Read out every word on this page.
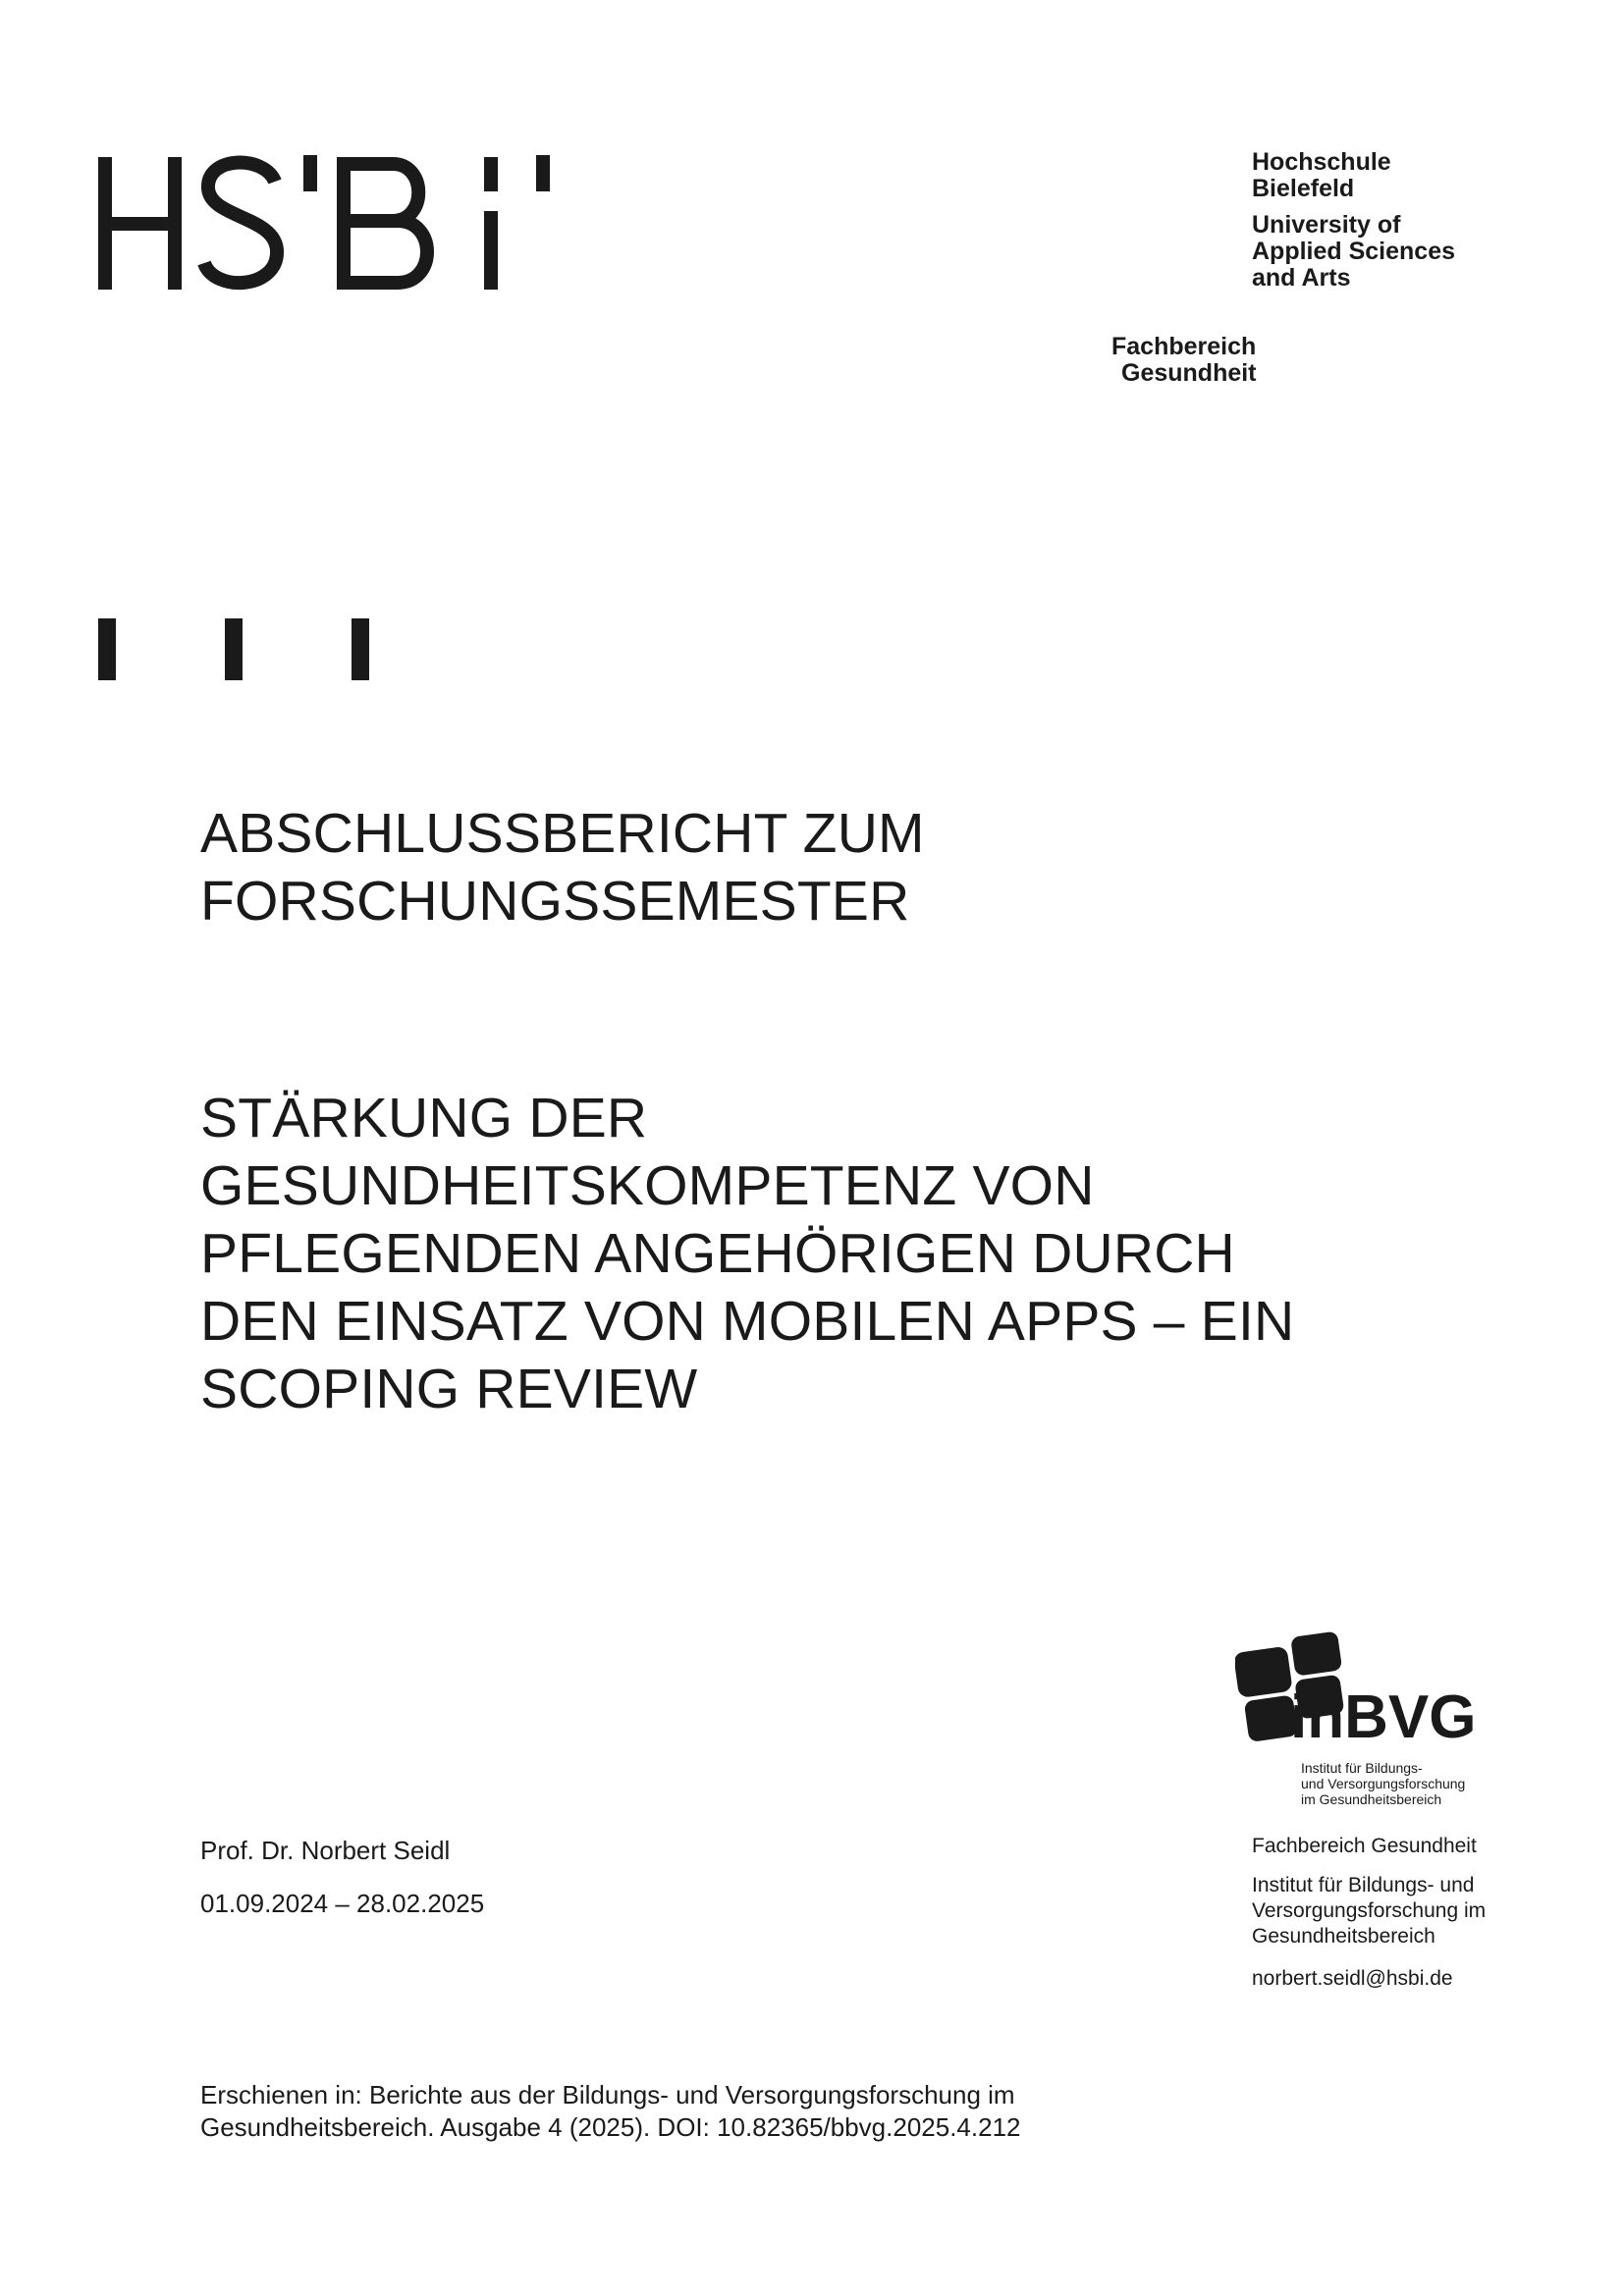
Hochschule
Bielefeld
University of
Applied Sciences
and Arts
Fachbereich
Gesundheit
ABSCHLUSSBERICHT ZUM
FORSCHUNGSSEMESTER
STÄRKUNG DER
GESUNDHEITSKOMPETENZ VON
PFLEGENDEN ANGEHÖRIGEN DURCH
DEN EINSATZ VON MOBILEN APPS – EIN
SCOPING REVIEW
inBVG
Institut für Bildungs-
und Versorgungsforschung
im Gesundheitsbereich
Prof. Dr. Norbert Seidl
01.09.2024 – 28.02.2025
Fachbereich Gesundheit
Institut für Bildungs- und
Versorgungsforschung im
Gesundheitsbereich
norbert.seidl@hsbi.de
Erschienen in: Berichte aus der Bildungs- und Versorgungsforschung im
Gesundheitsbereich. Ausgabe 4 (2025). DOI: 10.82365/bbvg.2025.4.212
